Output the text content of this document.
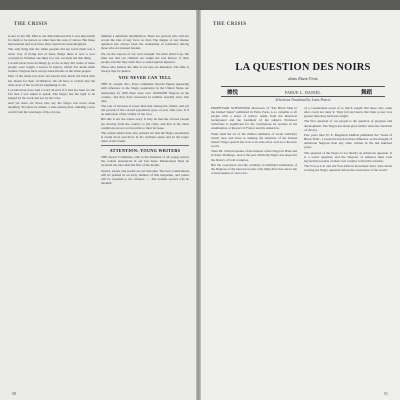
THE CRISIS

is new in my life. Men at one time believed that it was impossible for them to be known as other than the sons of slaves. But these men learned and took more than could have been imagined.

The only thing that the white peoples did not teach them was a wiser way of living and of these things there is now a new conception. Whether one likes it or not, we must use that thing.

I would never have let things go as far as they did. Some of these people were taught a lesson in history which has made them restless. Negroes have always been friends of the white people.

Men of the white race have not known how much the black man has meant for their civilization. We all have to realize that the dark races of the world are beginning to stir.

I would never have said a word about it if it had not been for the fact that I was asked to speak. The Negro has the right to be judged by his work and not by his color.

And yet there are those who say the Negro has never done anything. Yet there he stands, a man among men, building a new world from the wreckage of the old one.

ultimate a defensive mobilization. There are persons who will not accept the idea of any force as vital. The danger of any intense agitation has always been the weakening of resistance among those who are pressed hardest.

We are the sources of our own strength. We must build it up. We must see that our children are taught the real history of their people and that they learn how to stand against injustice.

Those who believe the time is not ripe are mistaken. The time is always ripe for justice.

YOU NEVER CAN TELL

THE St. Joseph, Mo., Press comments: Recent figures appearing with reference to the Negro population in the United States are interesting. In 1920 there were over 10,000,000 Negroes in the country, and they have increased in number steadily since that date.

The rate of increase is lower than that among the whites, and yet the growth of the colored population goes on year after year. It is an indication of the vitality of the race.

But this is not the whole story. It may be that the colored people are moving from the country to the cities, and that in the cities conditions are not so favorable to their increase.

The census takers have also pointed out that the Negro population is found more and more in the northern states and in the larger cities of the South.

ATTENTION: YOUNG WRITERS

THE Award Committee calls to the attention of all young writers the contest announced in our last issue. Manuscripts must be received not later than the first of the month.

Stories, essays and poems are all welcome. The best contributions will be printed in an early number of this magazine, and prizes will be awarded to the winners. — The Golden Leaves will be decided.

50
THE CRISIS
LA QUESTION DES NOIRS
dans Etats-Unis
擦悦	PARUE L. DANIEL	舞蹈
Selections Translated by Louis Poucet

PROFESSOR SCHWEIZER discussion of "The Black Man in the United States" published in Paris, Paris, is so valuable to all people with a sense of justice. Aside from the historical background and the treatment of the subject, Professor Schweizer is significant for the conclusions he reaches in his examination of the part of France and the Americas.

What shall the lot of the million members of racial solidarity which once and more is seeking the attention of the United States? Negro speech has won to its side all as well as to the new world.

Then Mr. Schwab speaks of the interest of the Negro in Haiti and in Santo Domingo, and of the part which the Negro has played in the history of both countries.

But the conscience and the certainly reconfirmed sentiments of the Negroes of the land are not the only thing that rises above the consciousness of one's race.

of a considerable event of so much weight that those who came after could not deny it. They felt and knew that their power was greater than they had been taught.

The first question of our people is the question of progress and development. The Negro has made great strides since the abolition of slavery.

Few years later W. E. Burghardt DuBois published the "Souls of Black Folk", a book that has had more influence on the thought of American Negroes than any other written in the last hundred years.

The question of the Negro is not merely an American question. It is a world question, and the Negroes of America must look beyond the borders of their own country to find the solution.

The N.A.A.C.P. and the Pan-African movement have done much to bring the Negro question before the conscience of the world.

51
